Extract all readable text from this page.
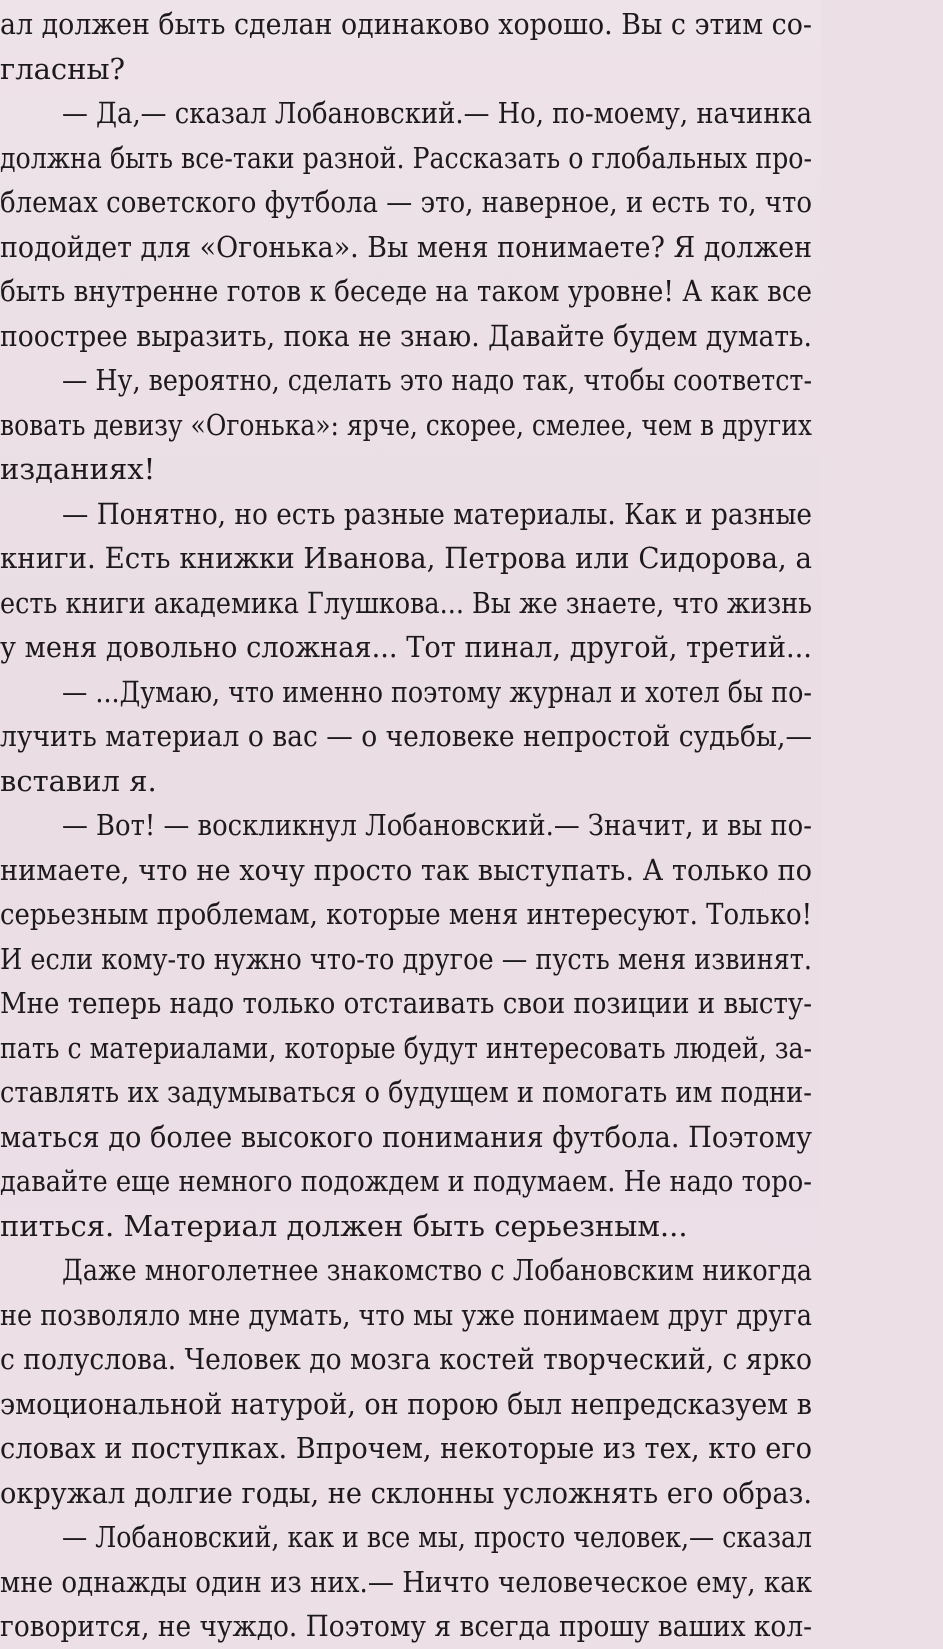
ал должен быть сделан одинаково хорошо. Вы с этим со-
гласны?
— Да,— сказал Лобановский.— Но, по-моему, начинка
должна быть все-таки разной. Рассказать о глобальных про-
блемах советского футбола — это, наверное, и есть то, что
подойдет для «Огонька». Вы меня понимаете? Я должен
быть внутренне готов к беседе на таком уровне! А как все
поострее выразить, пока не знаю. Давайте будем думать.
— Ну, вероятно, сделать это надо так, чтобы соответст-
вовать девизу «Огонька»: ярче, скорее, смелее, чем в других
изданиях!
— Понятно, но есть разные материалы. Как и разные
книги. Есть книжки Иванова, Петрова или Сидорова, а
есть книги академика Глушкова... Вы же знаете, что жизнь
у меня довольно сложная... Тот пинал, другой, третий...
— ...Думаю, что именно поэтому журнал и хотел бы по-
лучить материал о вас — о человеке непростой судьбы,—
вставил я.
— Вот! — воскликнул Лобановский.— Значит, и вы по-
нимаете, что не хочу просто так выступать. А только по
серьезным проблемам, которые меня интересуют. Только!
И если кому-то нужно что-то другое — пусть меня извинят.
Мне теперь надо только отстаивать свои позиции и высту-
пать с материалами, которые будут интересовать людей, за-
ставлять их задумываться о будущем и помогать им подни-
маться до более высокого понимания футбола. Поэтому
давайте еще немного подождем и подумаем. Не надо торо-
питься. Материал должен быть серьезным...
Даже многолетнее знакомство с Лобановским никогда
не позволяло мне думать, что мы уже понимаем друг друга
с полуслова. Человек до мозга костей творческий, с ярко
эмоциональной натурой, он порою был непредсказуем в
словах и поступках. Впрочем, некоторые из тех, кто его
окружал долгие годы, не склонны усложнять его образ.
— Лобановский, как и все мы, просто человек,— сказал
мне однажды один из них.— Ничто человеческое ему, как
говорится, не чуждо. Поэтому я всегда прошу ваших кол-
